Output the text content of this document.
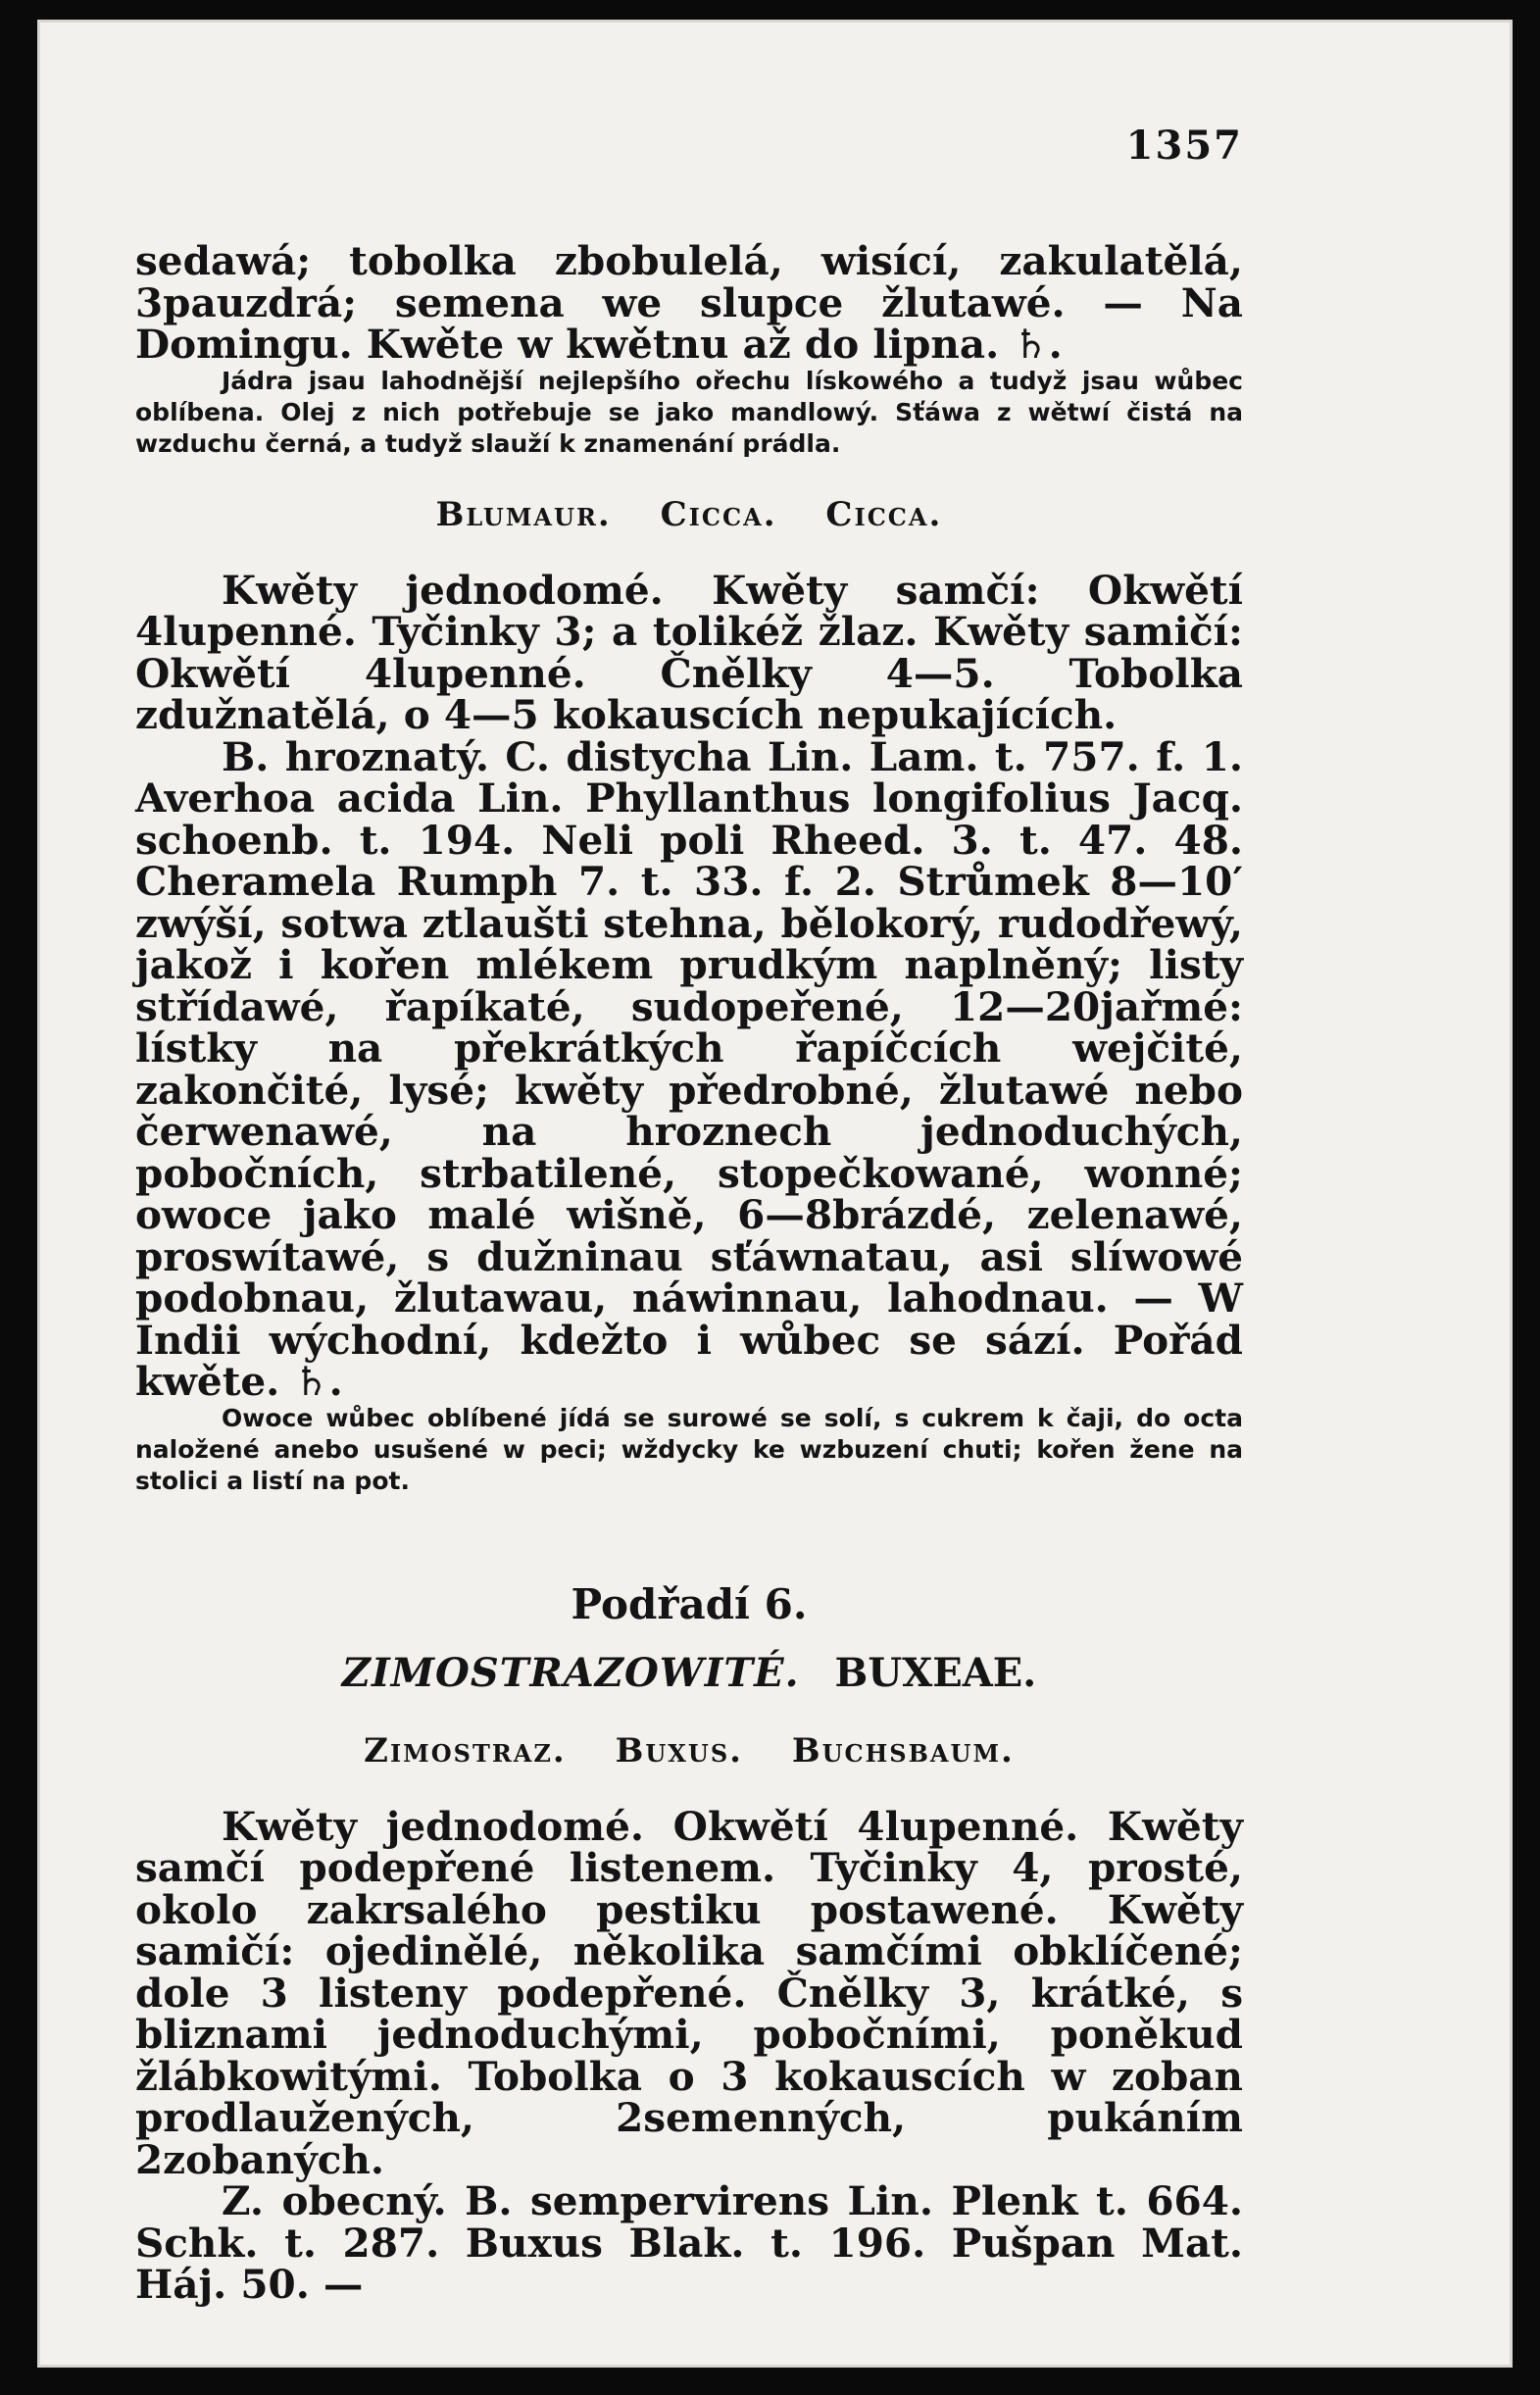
1357

sedawá; tobolka zbobulelá, wisící, zakulatělá, 3pauzdrá; semena we slupce žlutawé. — Na Domingu. Kwěte w kwětnu až do lipna. ♄.

Jádra jsau lahodnější nejlepšího ořechu lískowého a tudyž jsau wůbec oblíbena. Olej z nich potřebuje se jako mandlowý. Sťáwa z wětwí čistá na wzduchu černá, a tudyž slauží k znamenání prádla.

Blumaur. Cicca. Cicca.

Kwěty jednodomé. Kwěty samčí: Okwětí 4lupenné. Tyčinky 3; a tolikéž žlaz. Kwěty samičí: Okwětí 4lupenné. Čnělky 4—5. Tobolka zdužnatělá, o 4—5 kokauscích nepukajících.

B. hroznatý. C. distycha Lin. Lam. t. 757. f. 1. Averhoa acida Lin. Phyllanthus longifolius Jacq. schoenb. t. 194. Neli poli Rheed. 3. t. 47. 48. Cheramela Rumph 7. t. 33. f. 2. Strůmek 8—10′ zwýší, sotwa ztlaušti stehna, bělokorý, rudodřewý, jakož i kořen mlékem prudkým naplněný; listy střídawé, řapíkaté, sudopeřené, 12—20jařmé: lístky na překrátkých řapíčcích wejčité, zakončité, lysé; kwěty předrobné, žlutawé nebo čerwenawé, na hroznech jednoduchých, pobočních, strbatilené, stopečkowané, wonné; owoce jako malé wišně, 6—8brázdé, zelenawé, proswítawé, s dužninau sťáwnatau, asi slíwowé podobnau, žlutawau, náwinnau, lahodnau. — W Indii wýchodní, kdežto i wůbec se sází. Pořád kwěte. ♄.

Owoce wůbec oblíbené jídá se surowé se solí, s cukrem k čaji, do octa naložené anebo usušené w peci; wždycky ke wzbuzení chuti; kořen žene na stolici a listí na pot.

Podřadí 6.
ZIMOSTRAZOWITÉ. BUXEAE.
Zimostraz. Buxus. Buchsbaum.

Kwěty jednodomé. Okwětí 4lupenné. Kwěty samčí podepřené listenem. Tyčinky 4, prosté, okolo zakrsalého pestiku postawené. Kwěty samičí: ojedinělé, několika samčími obklíčené; dole 3 listeny podepřené. Čnělky 3, krátké, s bliznami jednoduchými, pobočními, poněkud žlábkowitými. Tobolka o 3 kokauscích w zoban prodlaužených, 2semenných, pukáním 2zobaných.

Z. obecný. B. sempervirens Lin. Plenk t. 664. Schk. t. 287. Buxus Blak. t. 196. Pušpan Mat. Háj. 50. —
